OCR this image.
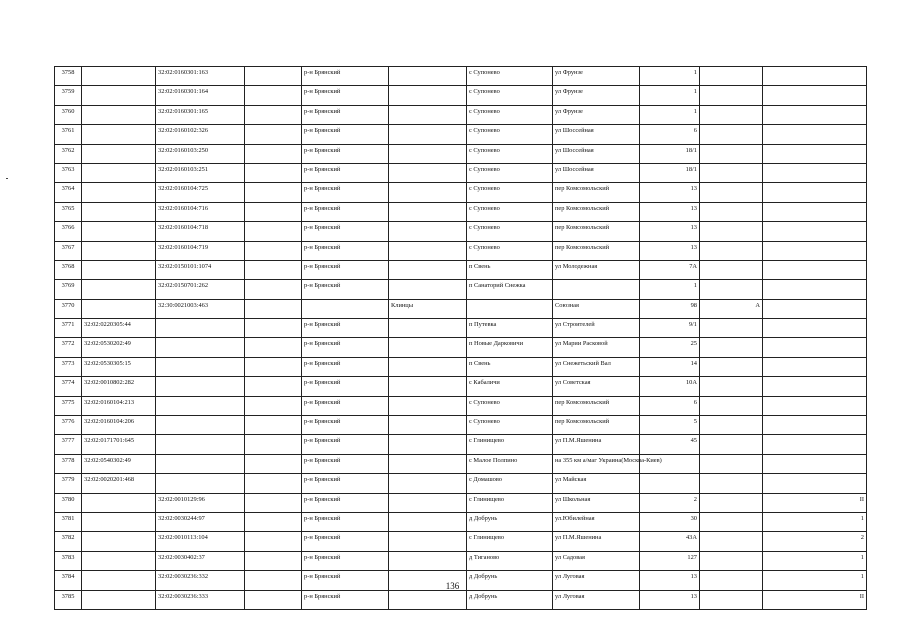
3758		32:02:0160301:163		р-н Брянский		с Супонево	ул Фрунзе	1		
3759		32:02:0160301:164		р-н Брянский		с Супонево	ул Фрунзе	1		
3760		32:02:0160301:165		р-н Брянский		с Супонево	ул Фрунзе	1		
3761		32:02:0160102:326		р-н Брянский		с Супонево	ул Шоссейная	6		
3762		32:02:0160103:250		р-н Брянский		с Супонево	ул Шоссейная	18/1		
3763		32:02:0160103:251		р-н Брянский		с Супонево	ул Шоссейная	18/1		
3764		32:02:0160104:725		р-н Брянский		с Супонево	пер Комсомольский	13		
3765		32:02:0160104:716		р-н Брянский		с Супонево	пер Комсомольский	13		
3766		32:02:0160104:718		р-н Брянский		с Супонево	пер Комсомольский	13		
3767		32:02:0160104:719		р-н Брянский		с Супонево	пер Комсомольский	13		
3768		32:02:0150101:1074		р-н Брянский		п Свень	ул Молодежная	7А		
3769		32:02:0150701:262		р-н Брянский		п Санаторий Снежка		1		
3770		32:30:0021003:463			Клинцы		Союзная	98	А	
3771	32:02:0220305:44			р-н Брянский		п Путевка	ул Строителей	9/1		
3772	32:02:0530202:49			р-н Брянский		п Новые Дарковичи	ул Марии Расковой	25		
3773	32:02:0530305:15			р-н Брянский		п Свень	ул Снежетьский Вал	14		
3774	32:02:0010802:282			р-н Брянский		с Кабаличи	ул Советская	10А		
3775	32:02:0160104:213			р-н Брянский		с Супонево	пер Комсомольский	6		
3776	32:02:0160104:206			р-н Брянский		с Супонево	пер Комсомольский	5		
3777	32:02:0171701:645			р-н Брянский		с Глинищево	ул П.М.Яшенина	45		
3778	32:02:0540302:49			р-н Брянский		с Малое Полпино	на 355 км а/маг Украина(Москва-Киев)			
3779	32:02:0020201:468			р-н Брянский		с Домашово	ул Майская			
3780		32:02:0010129:96		р-н Брянский		с Глинищево	ул Школьная	2		II
3781		32:02:0030244:97		р-н Брянский		д Добрунь	ул.Юбилейная	30		1
3782		32:02:0010113:104		р-н Брянский		с Глинищево	ул П.М.Яшенина	43А		2
3783		32:02:0030402:37		р-н Брянский		д Тиганово	ул Садовая	127		1
3784		32:02:0030236:332		р-н Брянский		д Добрунь	ул Луговая	13		1
3785		32:02:0030236:333		р-н Брянский		д Добрунь	ул Луговая	13		II
136
